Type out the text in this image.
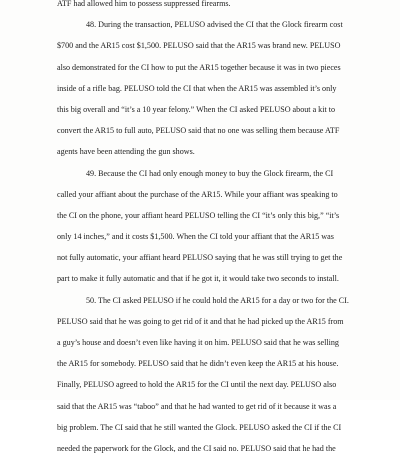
ATF had allowed him to possess suppressed firearms.
48. During the transaction, PELUSO advised the CI that the Glock firearm cost
$700 and the AR15 cost $1,500. PELUSO said that the AR15 was brand new. PELUSO
also demonstrated for the CI how to put the AR15 together because it was in two pieces
inside of a rifle bag. PELUSO told the CI that when the AR15 was assembled it’s only
this big overall and “it’s a 10 year felony.” When the CI asked PELUSO about a kit to
convert the AR15 to full auto, PELUSO said that no one was selling them because ATF
agents have been attending the gun shows.
49. Because the CI had only enough money to buy the Glock firearm, the CI
called your affiant about the purchase of the AR15. While your affiant was speaking to
the CI on the phone, your affiant heard PELUSO telling the CI “it’s only this big,” “it’s
only 14 inches,” and it costs $1,500. When the CI told your affiant that the AR15 was
not fully automatic, your affiant heard PELUSO saying that he was still trying to get the
part to make it fully automatic and that if he got it, it would take two seconds to install.
50. The CI asked PELUSO if he could hold the AR15 for a day or two for the CI.
PELUSO said that he was going to get rid of it and that he had picked up the AR15 from
a guy’s house and doesn’t even like having it on him. PELUSO said that he was selling
the AR15 for somebody. PELUSO said that he didn’t even keep the AR15 at his house.
Finally, PELUSO agreed to hold the AR15 for the CI until the next day. PELUSO also
said that the AR15 was “taboo” and that he had wanted to get rid of it because it was a
big problem. The CI said that he still wanted the Glock. PELUSO asked the CI if the CI
needed the paperwork for the Glock, and the CI said no. PELUSO said that he had the
